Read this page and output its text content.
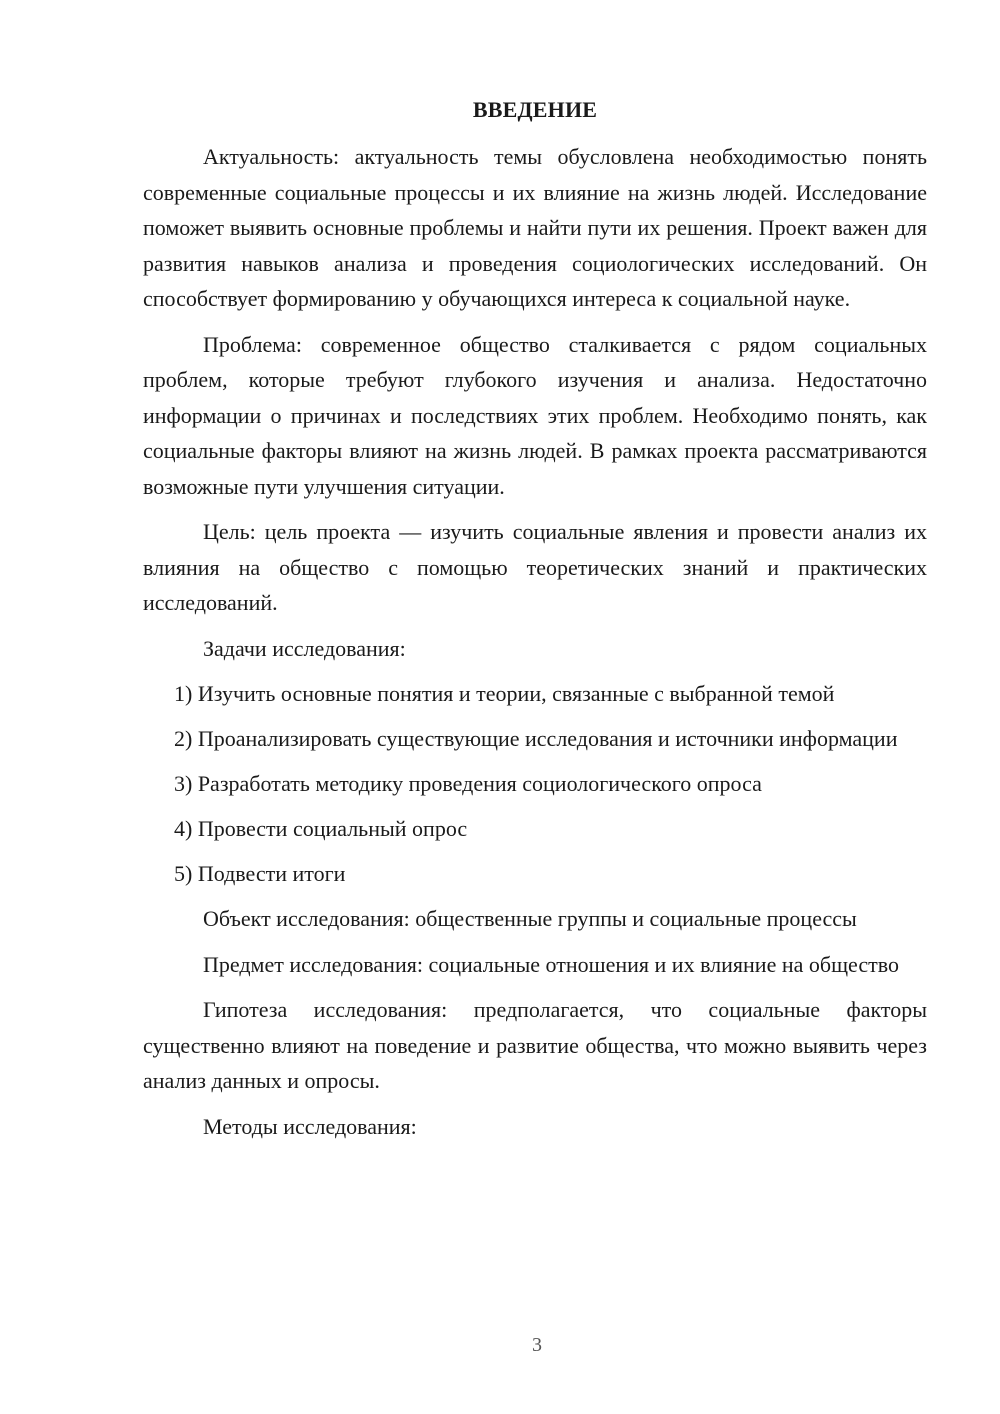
ВВЕДЕНИЕ

Актуальность: актуальность темы обусловлена необходимостью понять современные социальные процессы и их влияние на жизнь людей. Исследование поможет выявить основные проблемы и найти пути их решения. Проект важен для развития навыков анализа и проведения социологических исследований. Он способствует формированию у обучающихся интереса к социальной науке.

Проблема: современное общество сталкивается с рядом социальных проблем, которые требуют глубокого изучения и анализа. Недостаточно информации о причинах и последствиях этих проблем. Необходимо понять, как социальные факторы влияют на жизнь людей. В рамках проекта рассматриваются возможные пути улучшения ситуации.

Цель: цель проекта — изучить социальные явления и провести анализ их влияния на общество с помощью теоретических знаний и практических исследований.

Задачи исследования:

1) Изучить основные понятия и теории, связанные с выбранной темой

2) Проанализировать существующие исследования и источники информации

3) Разработать методику проведения социологического опроса

4) Провести социальный опрос

5) Подвести итоги

Объект исследования: общественные группы и социальные процессы

Предмет исследования: социальные отношения и их влияние на общество

Гипотеза исследования: предполагается, что социальные факторы существенно влияют на поведение и развитие общества, что можно выявить через анализ данных и опросы.

Методы исследования:

3
